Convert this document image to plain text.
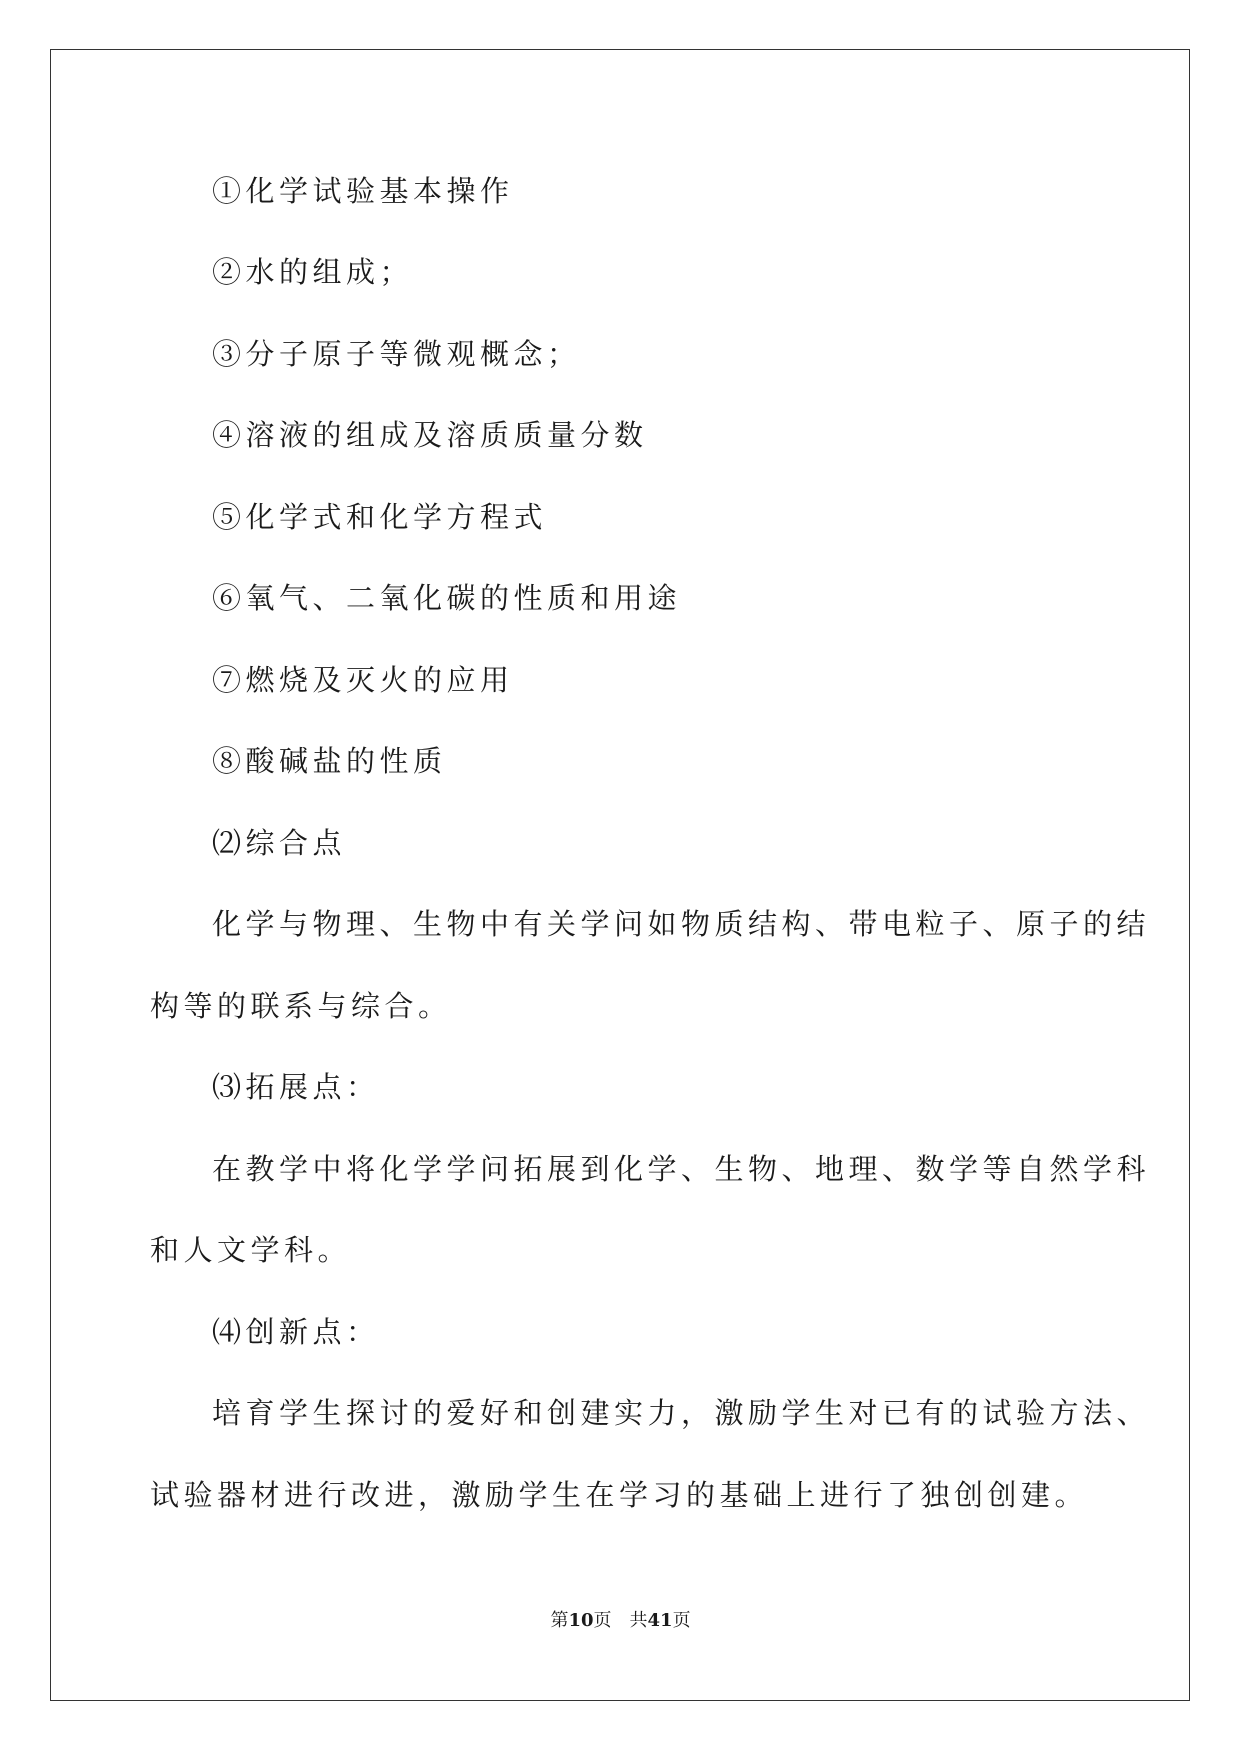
①化学试验基本操作
②水的组成；
③分子原子等微观概念；
④溶液的组成及溶质质量分数
⑤化学式和化学方程式
⑥氧气、二氧化碳的性质和用途
⑦燃烧及灭火的应用
⑧酸碱盐的性质
⑵综合点
化学与物理、生物中有关学问如物质结构、带电粒子、原子的结
构等的联系与综合。
⑶拓展点：
在教学中将化学学问拓展到化学、生物、地理、数学等自然学科
和人文学科。
⑷创新点：
培育学生探讨的爱好和创建实力，激励学生对已有的试验方法、
试验器材进行改进，激励学生在学习的基础上进行了独创创建。
第10页　共41页
